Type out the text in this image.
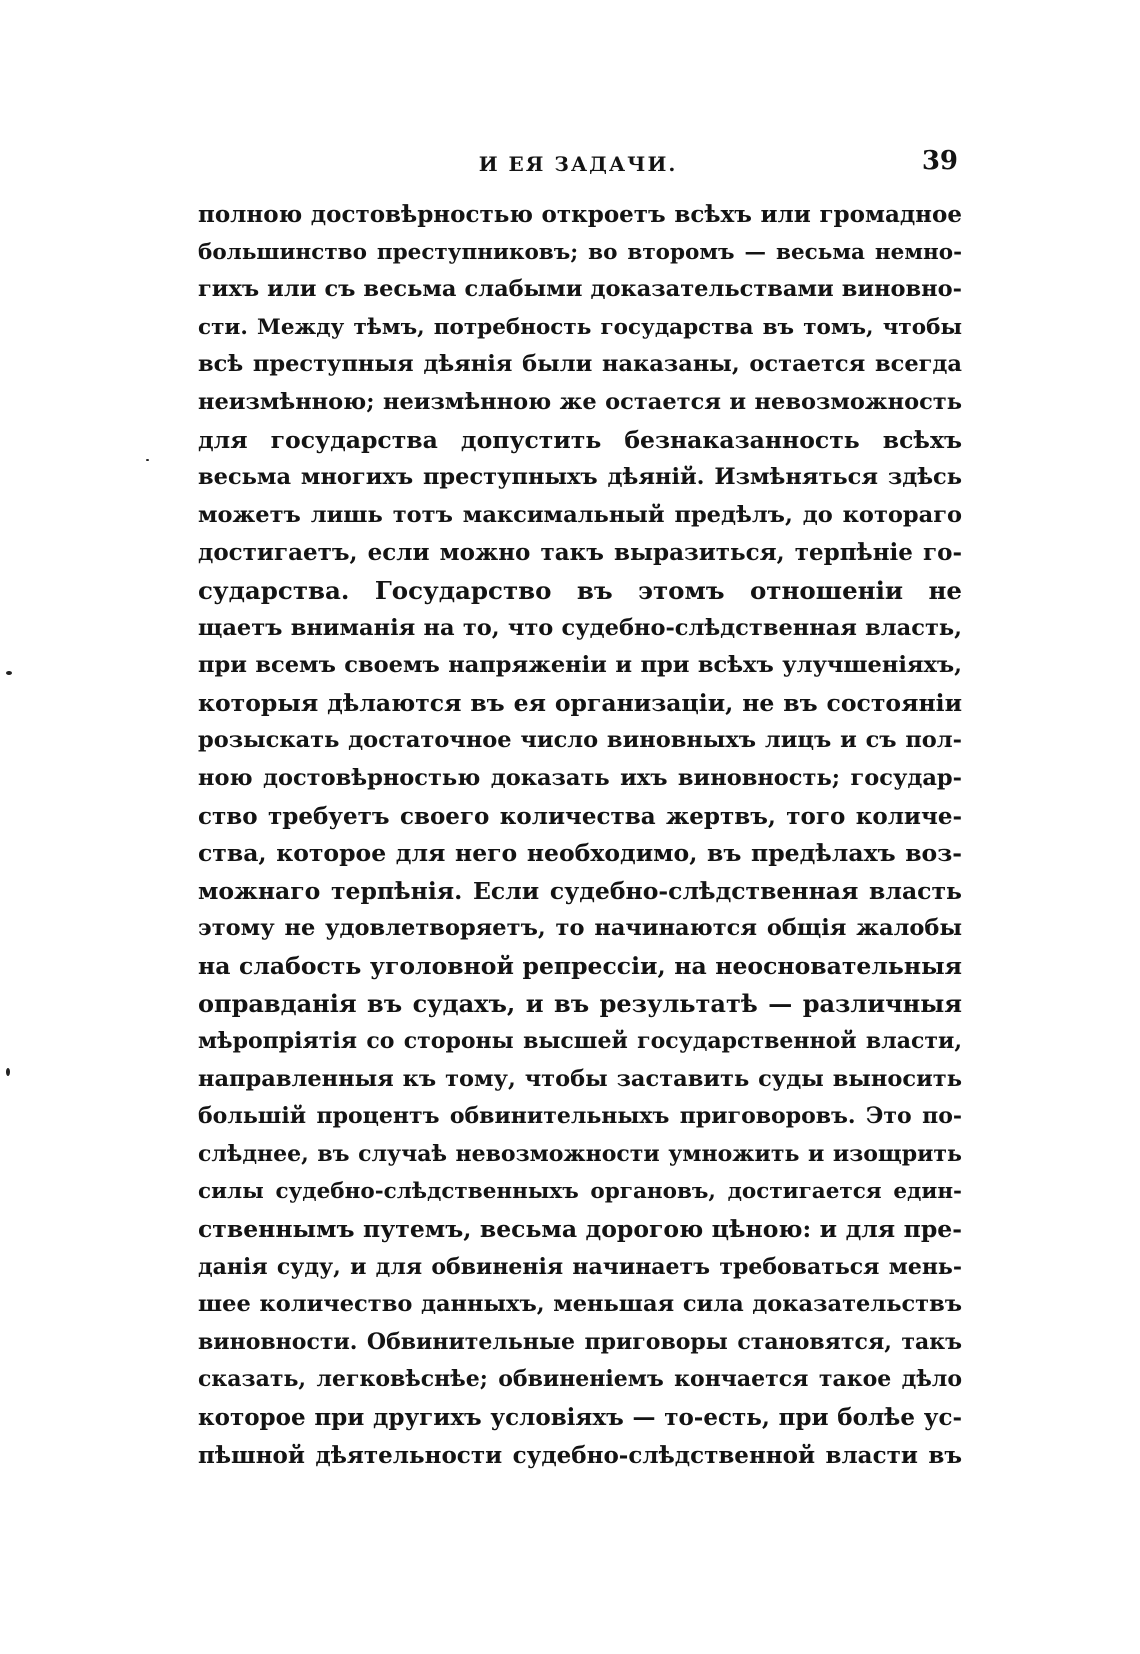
И ЕЯ ЗАДАЧИ.	39
полною достовѣрностью откроетъ всѣхъ или громадное
большинство преступниковъ; во второмъ — весьма немно-
гихъ или съ весьма слабыми доказательствами виновно-
сти. Между тѣмъ, потребность государства въ томъ, чтобы
всѣ преступныя дѣянія были наказаны, остается всегда
неизмѣнною; неизмѣнною же остается и невозможность
для государства допустить безнаказанность всѣхъ
весьма многихъ преступныхъ дѣяній. Измѣняться здѣсь
можетъ лишь тотъ максимальный предѣлъ, до котораго
достигаетъ, если можно такъ выразиться, терпѣніе го-
сударства. Государство въ этомъ отношеніи не
щаетъ вниманія на то, что судебно-слѣдственная власть,
при всемъ своемъ напряженіи и при всѣхъ улучшеніяхъ,
которыя дѣлаются въ ея организаціи, не въ состояніи
розыскать достаточное число виновныхъ лицъ и съ пол-
ною достовѣрностью доказать ихъ виновность; государ-
ство требуетъ своего количества жертвъ, того количе-
ства, которое для него необходимо, въ предѣлахъ воз-
можнаго терпѣнія. Если судебно-слѣдственная власть
этому не удовлетворяетъ, то начинаются общія жалобы
на слабость уголовной репрессіи, на неосновательныя
оправданія въ судахъ, и въ результатѣ — различныя
мѣропріятія со стороны высшей государственной власти,
направленныя къ тому, чтобы заставить суды выносить
большій процентъ обвинительныхъ приговоровъ. Это по-
слѣднее, въ случаѣ невозможности умножить и изощрить
силы судебно-слѣдственныхъ органовъ, достигается един-
ственнымъ путемъ, весьма дорогою цѣною: и для пре-
данія суду, и для обвиненія начинаетъ требоваться мень-
шее количество данныхъ, меньшая сила доказательствъ
виновности. Обвинительные приговоры становятся, такъ
сказать, легковѣснѣе; обвиненіемъ кончается такое дѣло
которое при другихъ условіяхъ — то-есть, при болѣе ус-
пѣшной дѣятельности судебно-слѣдственной власти въ
